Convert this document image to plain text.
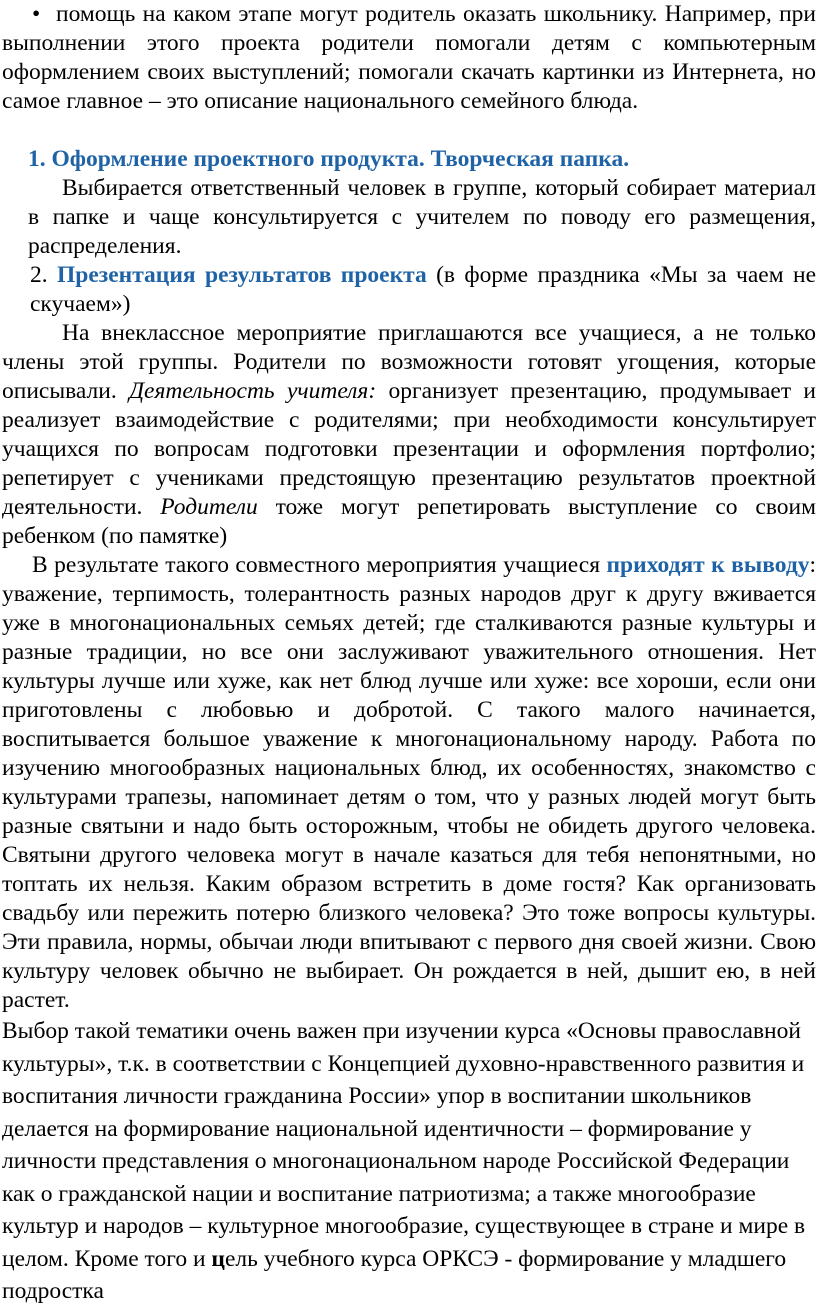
• помощь на каком этапе могут родитель оказать школьнику. Например, при выполнении этого проекта родители помогали детям с компьютерным оформлением своих выступлений; помогали скачать картинки из Интернета, но самое главное – это описание национального семейного блюда.

1. Оформление проектного продукта. Творческая папка.

Выбирается ответственный человек в группе, который собирает материал в папке и чаще консультируется с учителем по поводу его размещения, распределения.

2. Презентация результатов проекта (в форме праздника «Мы за чаем не скучаем»)

На внеклассное мероприятие приглашаются все учащиеся, а не только члены этой группы. Родители по возможности готовят угощения, которые описывали. Деятельность учителя: организует презентацию, продумывает и реализует взаимодействие с родителями; при необходимости консультирует учащихся по вопросам подготовки презентации и оформления портфолио; репетирует с учениками предстоящую презентацию результатов проектной деятельности. Родители тоже могут репетировать выступление со своим ребенком (по памятке)

В результате такого совместного мероприятия учащиеся приходят к выводу: уважение, терпимость, толерантность разных народов друг к другу вживается уже в многонациональных семьях детей; где сталкиваются разные культуры и разные традиции, но все они заслуживают уважительного отношения. Нет культуры лучше или хуже, как нет блюд лучше или хуже: все хороши, если они приготовлены с любовью и добротой. С такого малого начинается, воспитывается большое уважение к многонациональному народу. Работа по изучению многообразных национальных блюд, их особенностях, знакомство с культурами трапезы, напоминает детям о том, что у разных людей могут быть разные святыни и надо быть осторожным, чтобы не обидеть другого человека. Святыни другого человека могут в начале казаться для тебя непонятными, но топтать их нельзя. Каким образом встретить в доме гостя? Как организовать свадьбу или пережить потерю близкого человека? Это тоже вопросы культуры. Эти правила, нормы, обычаи люди впитывают с первого дня своей жизни. Свою культуру человек обычно не выбирает. Он рождается в ней, дышит ею, в ней растет.

Выбор такой тематики очень важен при изучении курса «Основы православной культуры», т.к. в соответствии с Концепцией духовно-нравственного развития и воспитания личности гражданина России» упор в воспитании школьников делается на формирование национальной идентичности – формирование у личности представления о многонациональном народе Российской Федерации как о гражданской нации и воспитание патриотизма; а также многообразие культур и народов – культурное многообразие, существующее в стране и мире в целом. Кроме того и цель учебного курса ОРКСЭ - формирование у младшего подростка
